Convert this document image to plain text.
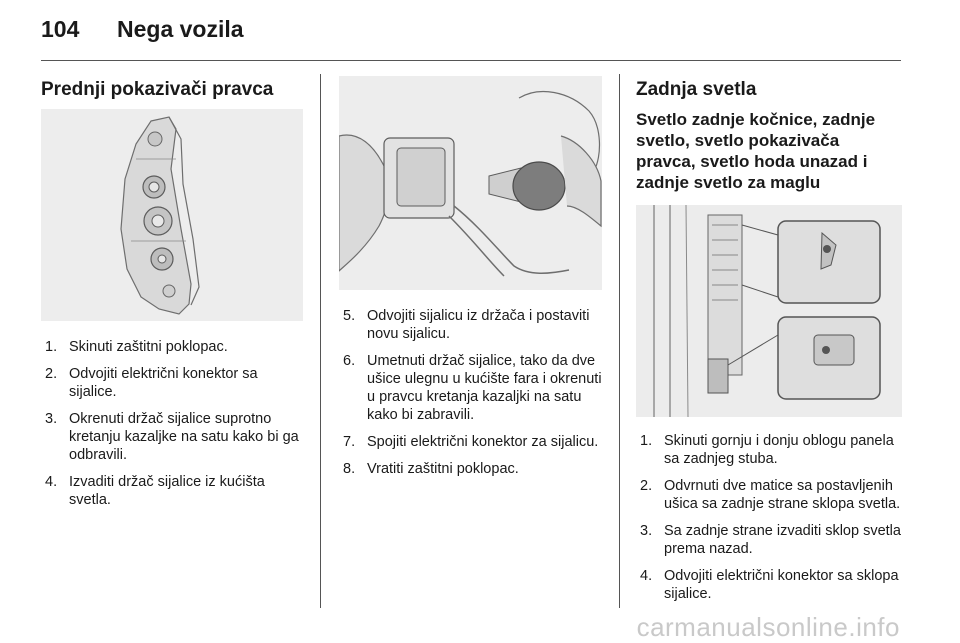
104 Nega vozila
Prednji pokazivači pravca
1. Skinuti zaštitni poklopac.
2. Odvojiti električni konektor sa sijalice.
3. Okrenuti držač sijalice suprotno kretanju kazaljke na satu kako bi ga odbravili.
4. Izvaditi držač sijalice iz kućišta svetla.
5. Odvojiti sijalicu iz držača i postaviti novu sijalicu.
6. Umetnuti držač sijalice, tako da dve ušice ulegnu u kućište fara i okrenuti u pravcu kretanja kazaljki na satu kako bi zabravili.
7. Spojiti električni konektor za sijalicu.
8. Vratiti zaštitni poklopac.
Zadnja svetla
Svetlo zadnje kočnice, zadnje svetlo, svetlo pokazivača pravca, svetlo hoda unazad i zadnje svetlo za maglu
1. Skinuti gornju i donju oblogu panela sa zadnjeg stuba.
2. Odvrnuti dve matice sa postavljenih ušica sa zadnje strane sklopa svetla.
3. Sa zadnje strane izvaditi sklop svetla prema nazad.
4. Odvojiti električni konektor sa sklopa sijalice.
carmanualsonline.info
